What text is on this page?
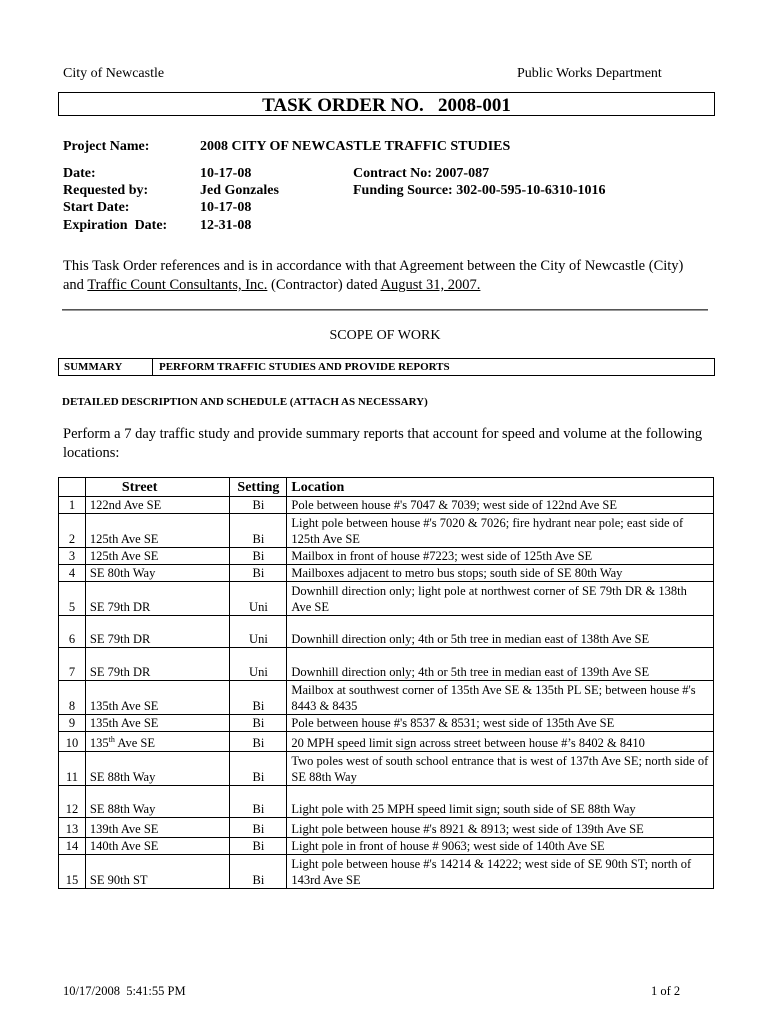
City of Newcastle	Public Works Department
TASK ORDER NO.   2008-001
Project Name:	2008 CITY OF NEWCASTLE TRAFFIC STUDIES
Date:	10-17-08	Contract No: 2007-087
Requested by:	Jed Gonzales	Funding Source: 302-00-595-10-6310-1016
Start Date:	10-17-08
Expiration  Date: 12-31-08
This Task Order references and is in accordance with that Agreement between the City of Newcastle (City) and Traffic Count Consultants, Inc. (Contractor) dated August 31, 2007.
SCOPE OF WORK
SUMMARY	PERFORM TRAFFIC STUDIES AND PROVIDE REPORTS
DETAILED DESCRIPTION AND SCHEDULE (ATTACH AS NECESSARY)
Perform a 7 day traffic study and provide summary reports that account for speed and volume at the following locations:
	Street	Setting	Location
1	122nd Ave SE	Bi	Pole between house #'s 7047 & 7039; west side of 122nd Ave SE
2	125th Ave SE	Bi	Light pole between house #'s 7020 & 7026; fire hydrant near pole; east side of 125th Ave SE
3	125th Ave SE	Bi	Mailbox in front of house #7223; west side of 125th Ave SE
4	SE 80th Way	Bi	Mailboxes adjacent to metro bus stops; south side of SE 80th Way
5	SE 79th DR	Uni	Downhill direction only; light pole at northwest corner of SE 79th DR & 138th Ave SE
6	SE 79th DR	Uni	Downhill direction only; 4th or 5th tree in median east of 138th Ave SE
7	SE 79th DR	Uni	Downhill direction only; 4th or 5th tree in median east of 139th Ave SE
8	135th Ave SE	Bi	Mailbox at southwest corner of 135th Ave SE & 135th PL SE; between house #'s 8443 & 8435
9	135th Ave SE	Bi	Pole between house #'s 8537 & 8531; west side of 135th Ave SE
10	135th Ave SE	Bi	20 MPH speed limit sign across street between house #’s 8402 & 8410
11	SE 88th Way	Bi	Two poles west of south school entrance that is west of 137th Ave SE; north side of SE 88th Way
12	SE 88th Way	Bi	Light pole with 25 MPH speed limit sign; south side of SE 88th Way
13	139th Ave SE	Bi	Light pole between house #'s 8921 & 8913; west side of 139th Ave SE
14	140th Ave SE	Bi	Light pole in front of house # 9063; west side of 140th Ave SE
15	SE 90th ST	Bi	Light pole between house #'s 14214 & 14222; west side of SE 90th ST; north of 143rd Ave SE
10/17/2008  5:41:55 PM	1 of 2
